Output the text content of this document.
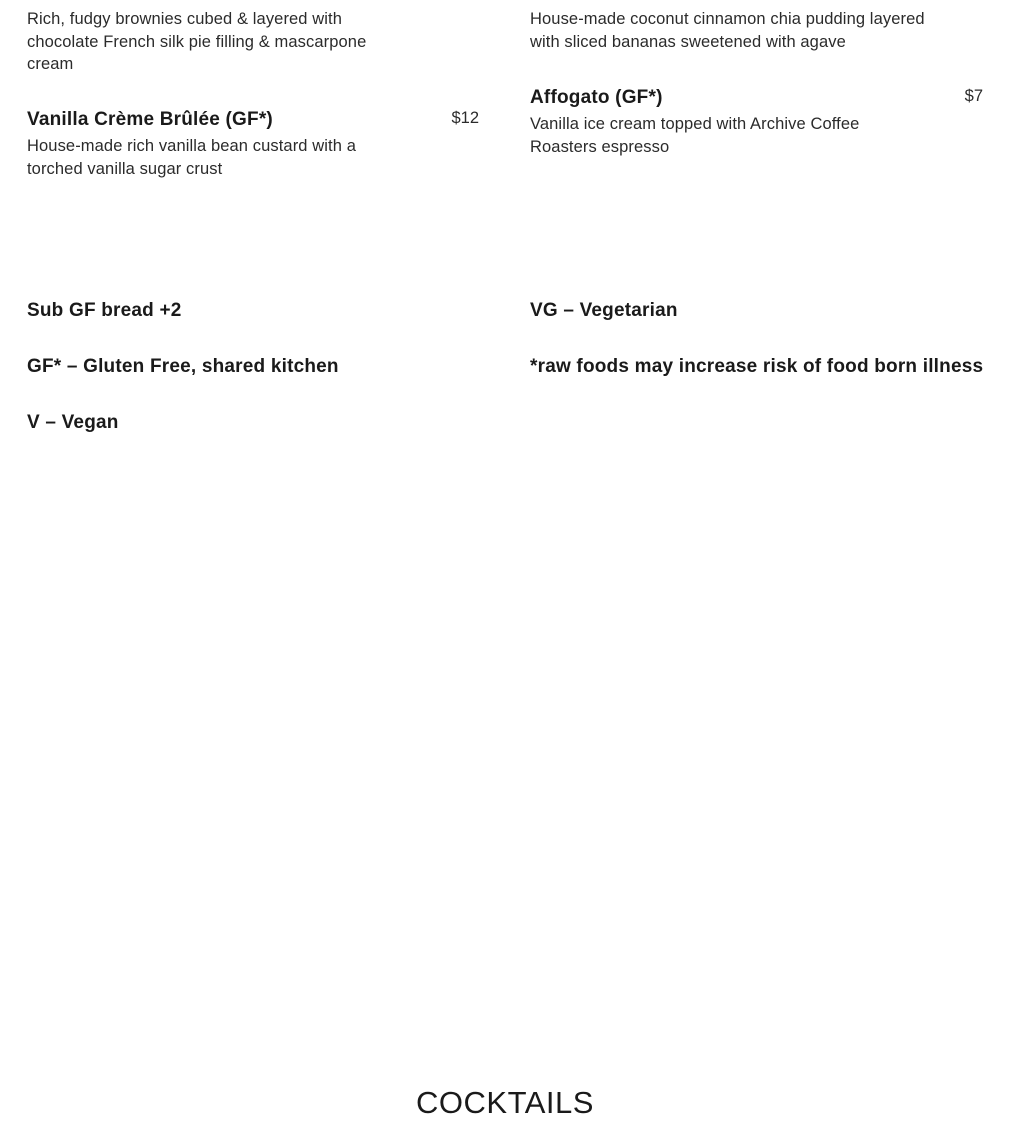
Rich, fudgy brownies cubed & layered with chocolate French silk pie filling & mascarpone cream
Vanilla Crème Brûlée (GF*)	$12
House-made rich vanilla bean custard with a torched vanilla sugar crust
House-made coconut cinnamon chia pudding layered with sliced bananas sweetened with agave
Affogato (GF*)	$7
Vanilla ice cream topped with Archive Coffee Roasters espresso
Sub GF bread +2
GF* – Gluten Free, shared kitchen
V – Vegan
VG – Vegetarian
*raw foods may increase risk of food born illness
COCKTAILS
